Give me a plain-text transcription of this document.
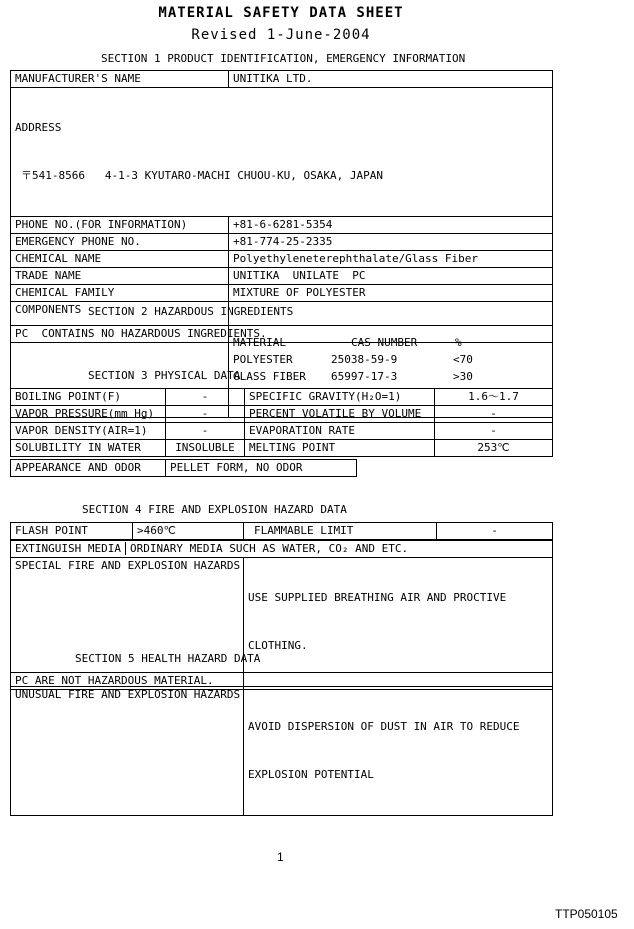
MATERIAL SAFETY DATA SHEET
Revised 1-June-2004
SECTION 1 PRODUCT IDENTIFICATION, EMERGENCY INFORMATION
MANUFACTURER'S NAME	UNITIKA LTD.

ADDRESS

〒541-8566   4-1-3 KYUTARO-MACHI CHUOU-KU, OSAKA, JAPAN

PHONE NO.(FOR INFORMATION)	+81-6-6281-5354
EMERGENCY PHONE NO.	+81-774-25-2335
CHEMICAL NAME	Polyethyleneterephthalate/Glass Fiber
TRADE NAME	UNITIKA  UNILATE  PC
CHEMICAL FAMILY	MIXTURE OF POLYESTER
COMPONENTS	

MATERIAL	CAS NUMBER	%
POLYESTER	25038-59-9	<70
GLASS FIBER	65997-17-3	>30

SECTION 2 HAZARDOUS INGREDIENTS
PC  CONTAINS NO HAZARDOUS INGREDIENTS.
SECTION 3 PHYSICAL DATA
BOILING POINT(F)	-	SPECIFIC GRAVITY(H₂O=1)	1.6～1.7
VAPOR PRESSURE(mm Hg)	-	PERCENT VOLATILE BY VOLUME	-
VAPOR DENSITY(AIR=1)	-	EVAPORATION RATE	-
SOLUBILITY IN WATER	INSOLUBLE	MELTING POINT	253℃
APPEARANCE AND ODOR	PELLET FORM, NO ODOR
SECTION 4 FIRE AND EXPLOSION HAZARD DATA
FLASH POINT	>460℃	FLAMMABLE LIMIT	-
EXTINGUISH MEDIA ORDINARY MEDIA SUCH AS WATER, CO₂ AND ETC.	
SPECIAL FIRE AND EXPLOSION HAZARDS	USE SUPPLIED BREATHING AIR AND PROCTIVE

CLOTHING.

UNUSUAL FIRE AND EXPLOSION HAZARDS	AVOID DISPERSION OF DUST IN AIR TO REDUCE

EXPLOSION POTENTIAL

SECTION 5 HEALTH HAZARD DATA
PC ARE NOT HAZARDOUS MATERIAL.
1
TTP050105
